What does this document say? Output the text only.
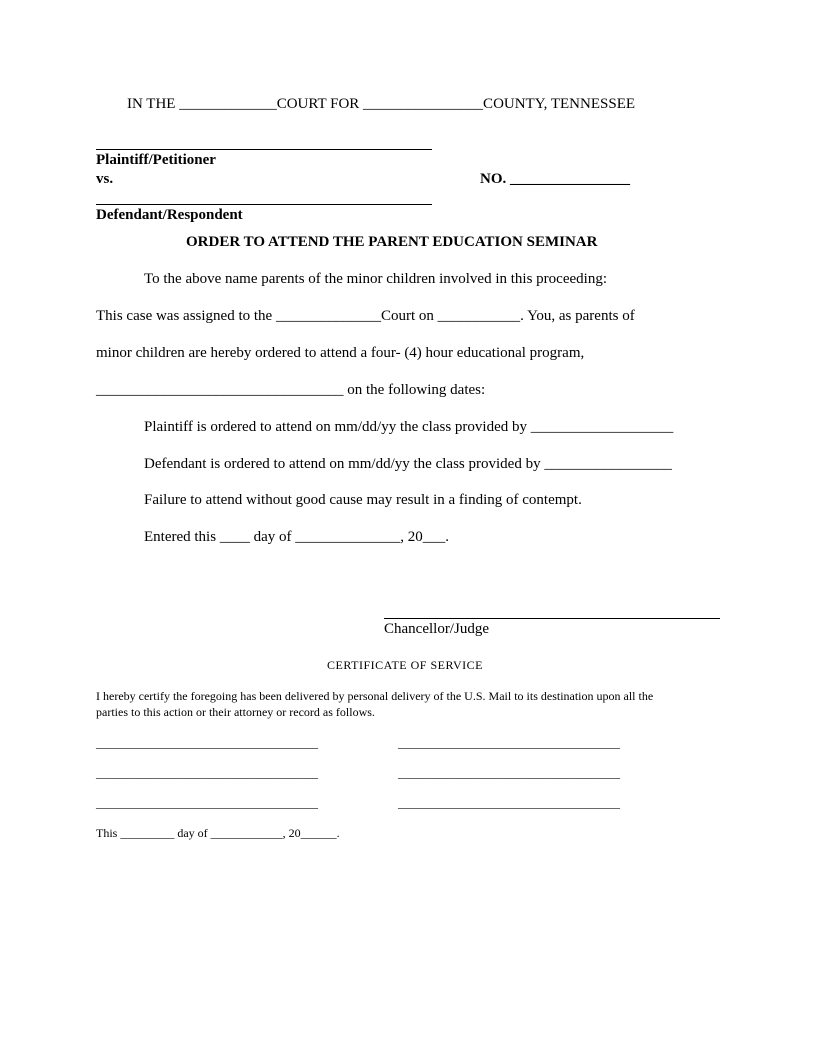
IN THE _____________COURT FOR ________________COUNTY, TENNESSEE
Plaintiff/Petitioner
vs.	NO. ________________
Defendant/Respondent
ORDER TO ATTEND THE PARENT EDUCATION SEMINAR
To the above name parents of the minor children involved in this proceeding:
This case was assigned to the ______________Court on ___________. You, as parents of
minor children are hereby ordered to attend a four- (4) hour educational program,
_________________________________ on the following dates:
Plaintiff is ordered to attend on mm/dd/yy the class provided by ___________________
Defendant is ordered to attend on mm/dd/yy the class provided by _________________
Failure to attend without good cause may result in a finding of contempt.
Entered this ____ day of ______________, 20___.
Chancellor/Judge
CERTIFICATE OF SERVICE
I hereby certify the foregoing has been delivered by personal delivery of the U.S. Mail to its destination upon all the
parties to this action or their attorney or record as follows.
_____________________________________	_____________________________________
_____________________________________	_____________________________________
_____________________________________	_____________________________________
This _________ day of ____________, 20______.
